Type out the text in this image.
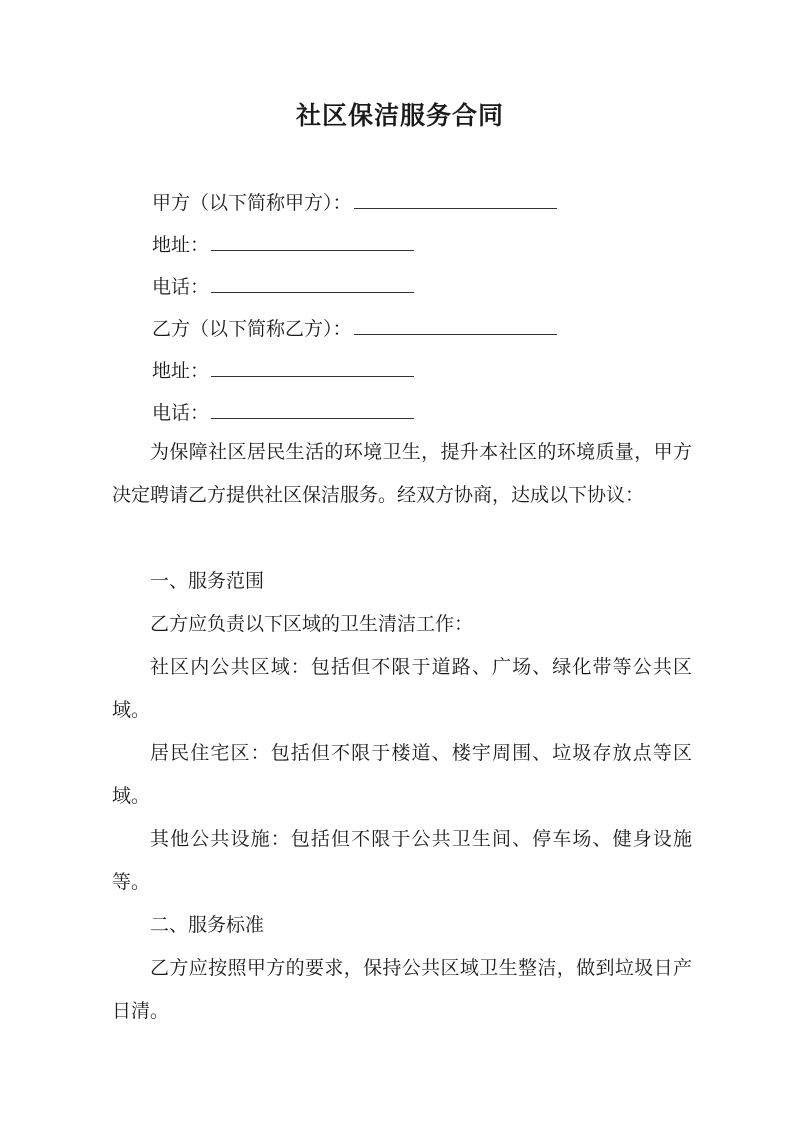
社区保洁服务合同
甲方（以下简称甲方）：
地址：
电话：
乙方（以下简称乙方）：
地址：
电话：
为保障社区居民生活的环境卫生，提升本社区的环境质量，甲方决定聘请乙方提供社区保洁服务。经双方协商，达成以下协议：
一、服务范围
乙方应负责以下区域的卫生清洁工作：
社区内公共区域：包括但不限于道路、广场、绿化带等公共区域。
居民住宅区：包括但不限于楼道、楼宇周围、垃圾存放点等区域。
其他公共设施：包括但不限于公共卫生间、停车场、健身设施等。
二、服务标准
乙方应按照甲方的要求，保持公共区域卫生整洁，做到垃圾日产日清。
